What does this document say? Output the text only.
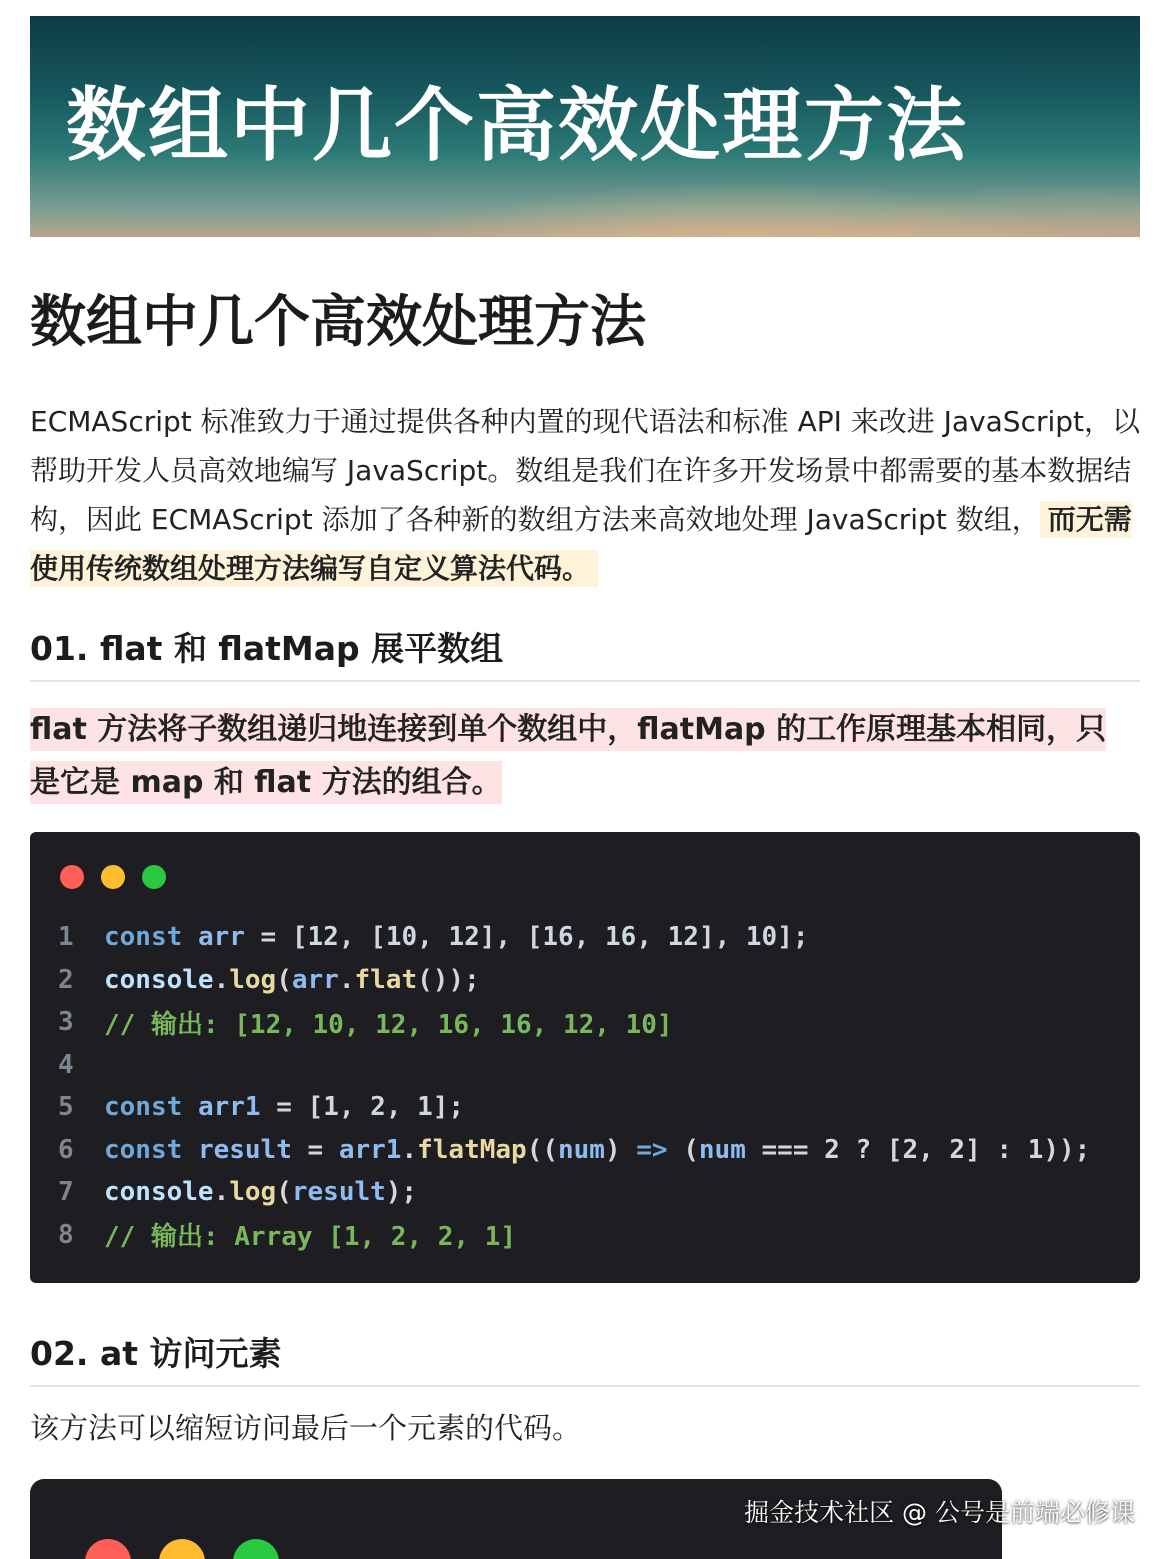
数组中几个高效处理方法
数组中几个高效处理方法

ECMAScript 标准致力于通过提供各种内置的现代语法和标准 API 来改进 JavaScript，以帮助开发人员高效地编写 JavaScript。数组是我们在许多开发场景中都需要的基本数据结构，因此 ECMAScript 添加了各种新的数组方法来高效地处理 JavaScript 数组， 而无需使用传统数组处理方法编写自定义算法代码。

01. flat 和 flatMap 展平数组

flat 方法将子数组递归地连接到单个数组中，flatMap 的工作原理基本相同，只是它是 map 和 flat 方法的组合。

1	const
arr = [ 12 , [ 10 , 12 ], [ 16 , 16 , 12 ], 10 ];
2	console . log ( arr . flat ());
3	// 输出: [12, 10, 12, 16, 16, 12, 10]
4
5	const
arr1 = [ 1 , 2 , 1 ];
6	const
result = arr1 . flatMap (( num ) => ( num === 2 ? [ 2 , 2 ] : 1 ));
7	console . log ( result );
8	// 输出: Array [1, 2, 2, 1]
02. at 访问元素

该方法可以缩短访问最后一个元素的代码。

掘金技术社区 @ 公号是前端必修课
